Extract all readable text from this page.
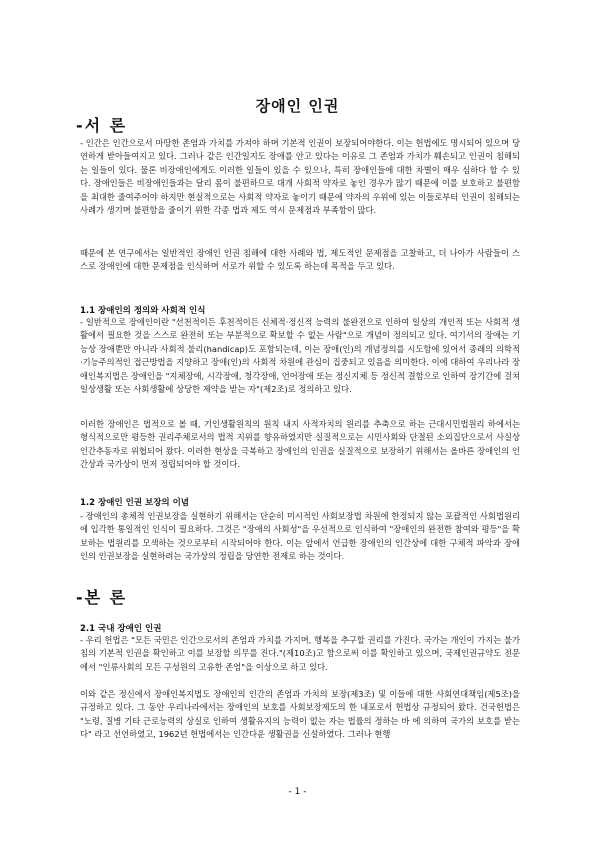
장애인 인권
-서 론
- 인간은 인간으로서 마땅한 존엄과 가치를 가져야 하며 기본적 인권이 보장되어야한다. 이는 헌법에도 명시되어 있으며 당연하게 받아들여지고 있다. 그러나 같은 인간일지도 장애를 안고 있다는 이유로 그 존엄과 가치가 훼손되고 인권이 침해되는 일들이 있다. 물론 비장애인에게도 이러한 일들이 있을 수 있으나, 특히 장애인들에 대한 차별이 매우 심하다 할 수 있다. 장애인들은 비장애인들과는 달리 몸이 불편하므로 대개 사회적 약자로 놓인 경우가 많기 때문에 이를 보호하고 불편함을 최대한 줄여주어야 하지만 현실적으로는 사회적 약자로 놓이기 때문에 약자의 우위에 있는 이들로부터 인권이 침해되는 사례가 생기며 불편함을 줄이기 위한 각종 법과 제도 역시 문제점과 부족함이 많다.
때문에 본 연구에서는 일반적인 장애인 인권 침해에 대한 사례와 법, 제도적인 문제점을 고찰하고, 더 나아가 사람들이 스스로 장애인에 대한 문제점을 인식하며 서로가 위할 수 있도록 하는데 목적을 두고 있다.
1.1 장애인의 정의와 사회적 인식
- 일반적으로 장애인이란 "선천적이든 후천적이든 신체적·정신적 능력의 불완전으로 인하여 일상의 개인적 또는 사회적 생활에서 필요한 것을 스스로 완전히 또는 부분적으로 확보할 수 없는 사람"으로 개념이 정의되고 있다. 여기서의 장애는 기능상 장애뿐만 아니라 사회적 불리(handicap)도 포함되는데, 이는 장애(인)의 개념정의를 시도함에 있어서 종래의 의학적·기능주의적인 접근방법을 지양하고 장애(인)의 사회적 차원에 관심이 집중되고 있음을 의미한다. 이에 대하여 우리나라 장애인복지법은 장애인을 "지체장애, 시각장애, 청각장애, 언어장애 또는 정신지체 등 정신적 결함으로 인하여 장기간에 걸쳐 일상생활 또는 사회생활에 상당한 제약을 받는 자"(제2조)로 정의하고 있다.
이러한 장애인은 법적으로 볼 때, 기인생활원칙의 원칙 내지 사적자치의 원리를 추축으로 하는 근대시민법원리 하에서는 형식적으로만 평등한 권리주체로서의 법적 지위를 향유하였지만 실질적으로는 시민사회와 단절된 소외집단으로서 사실상 인간추동자로 위협되어 왔다. 이러한 현상을 극복하고 장애인의 인권을 실질적으로 보장하기 위해서는 올바른 장애인의 인간상과 국가상이 먼저 정립되어야 할 것이다.
1.2 장애인 인권 보장의 이념
- 장애인의 총체적 인권보장을 실현하기 위해서는 단순히 미시적인 사회보장법 차원에 한정되지 않는 포괄적인 사회법원리에 입각한 통일적인 인식이 필요하다. 그것은 "장애의 사회성"을 우선적으로 인식하여 "장애인의 완전한 참여와 평등"을 확보하는 법원리를 모색하는 것으로부터 시작되어야 한다. 이는 앞에서 언급한 장애인의 인간상에 대한 구체적 파악과 장애인의 인권보장을 실현하려는 국가상의 정립을 당연한 전제로 하는 것이다.
-본 론
2.1 국내 장애인 인권
- 우리 헌법은 "모든 국민은 인간으로서의 존엄과 가치를 가지며, 행복을 추구할 권리를 가진다. 국가는 개인이 가지는 불가침의 기본적 인권을 확인하고 이를 보장할 의무를 진다."(제10조)고 함으로써 이를 확인하고 있으며, 국제인권규약도 전문에서 "인류사회의 모든 구성원의 고유한 존엄"을 이상으로 하고 있다.
이와 같은 정신에서 장애인복지법도 장애인의 인간의 존엄과 가치의 보장(제3조) 및 이들에 대한 사회연대책임(제5조)을 규정하고 있다. 그 동안 우리나라에서는 장애인의 보호를 사회보장제도의 한 내포로서 헌법상 규정되어 왔다. 건국헌법은 "노령, 질병 기타 근로능력의 상실로 인하여 생활유지의 능력이 없는 자는 법률의 정하는 바 에 의하여 국가의 보호를 받는다" 라고 선언하였고, 1962년 헌법에서는 인간다운 생활권을 신설하였다. 그러나 현행
- 1 -
